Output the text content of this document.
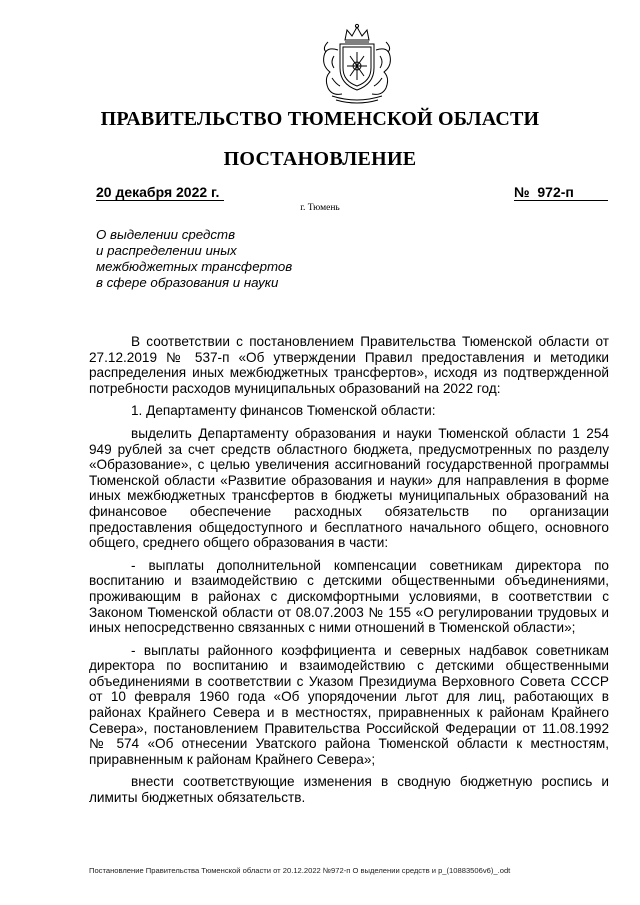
ПРАВИТЕЛЬСТВО ТЮМЕНСКОЙ ОБЛАСТИ
ПОСТАНОВЛЕНИЕ
20 декабря 2022 г.	№ 972-п
г. Тюмень
О выделении средств
и распределении иных
межбюджетных трансфертов
в сфере образования и науки

В соответствии с постановлением Правительства Тюменской области от 27.12.2019 № 537-п «Об утверждении Правил предоставления и методики распределения иных межбюджетных трансфертов», исходя из подтвержденной потребности расходов муниципальных образований на 2022 год:

1. Департаменту финансов Тюменской области:

выделить Департаменту образования и науки Тюменской области 1 254 949 рублей за счет средств областного бюджета, предусмотренных по разделу «Образование», с целью увеличения ассигнований государственной программы Тюменской области «Развитие образования и науки» для направления в форме иных межбюджетных трансфертов в бюджеты муниципальных образований на финансовое обеспечение расходных обязательств по организации предоставления общедоступного и бесплатного начального общего, основного общего, среднего общего образования в части:

- выплаты дополнительной компенсации советникам директора по воспитанию и взаимодействию с детскими общественными объединениями, проживающим в районах с дискомфортными условиями, в соответствии с Законом Тюменской области от 08.07.2003 № 155 «О регулировании трудовых и иных непосредственно связанных с ними отношений в Тюменской области»;

- выплаты районного коэффициента и северных надбавок советникам директора по воспитанию и взаимодействию с детскими общественными объединениями в соответствии с Указом Президиума Верховного Совета СССР от 10 февраля 1960 года «Об упорядочении льгот для лиц, работающих в районах Крайнего Севера и в местностях, приравненных к районам Крайнего Севера», постановлением Правительства Российской Федерации от 11.08.1992 № 574 «Об отнесении Уватского района Тюменской области к местностям, приравненным к районам Крайнего Севера»;

внести соответствующие изменения в сводную бюджетную роспись и лимиты бюджетных обязательств.

Постановление Правительства Тюменской области от 20.12.2022 №972-п О выделении средств и р_(10883506v6)_.odt
